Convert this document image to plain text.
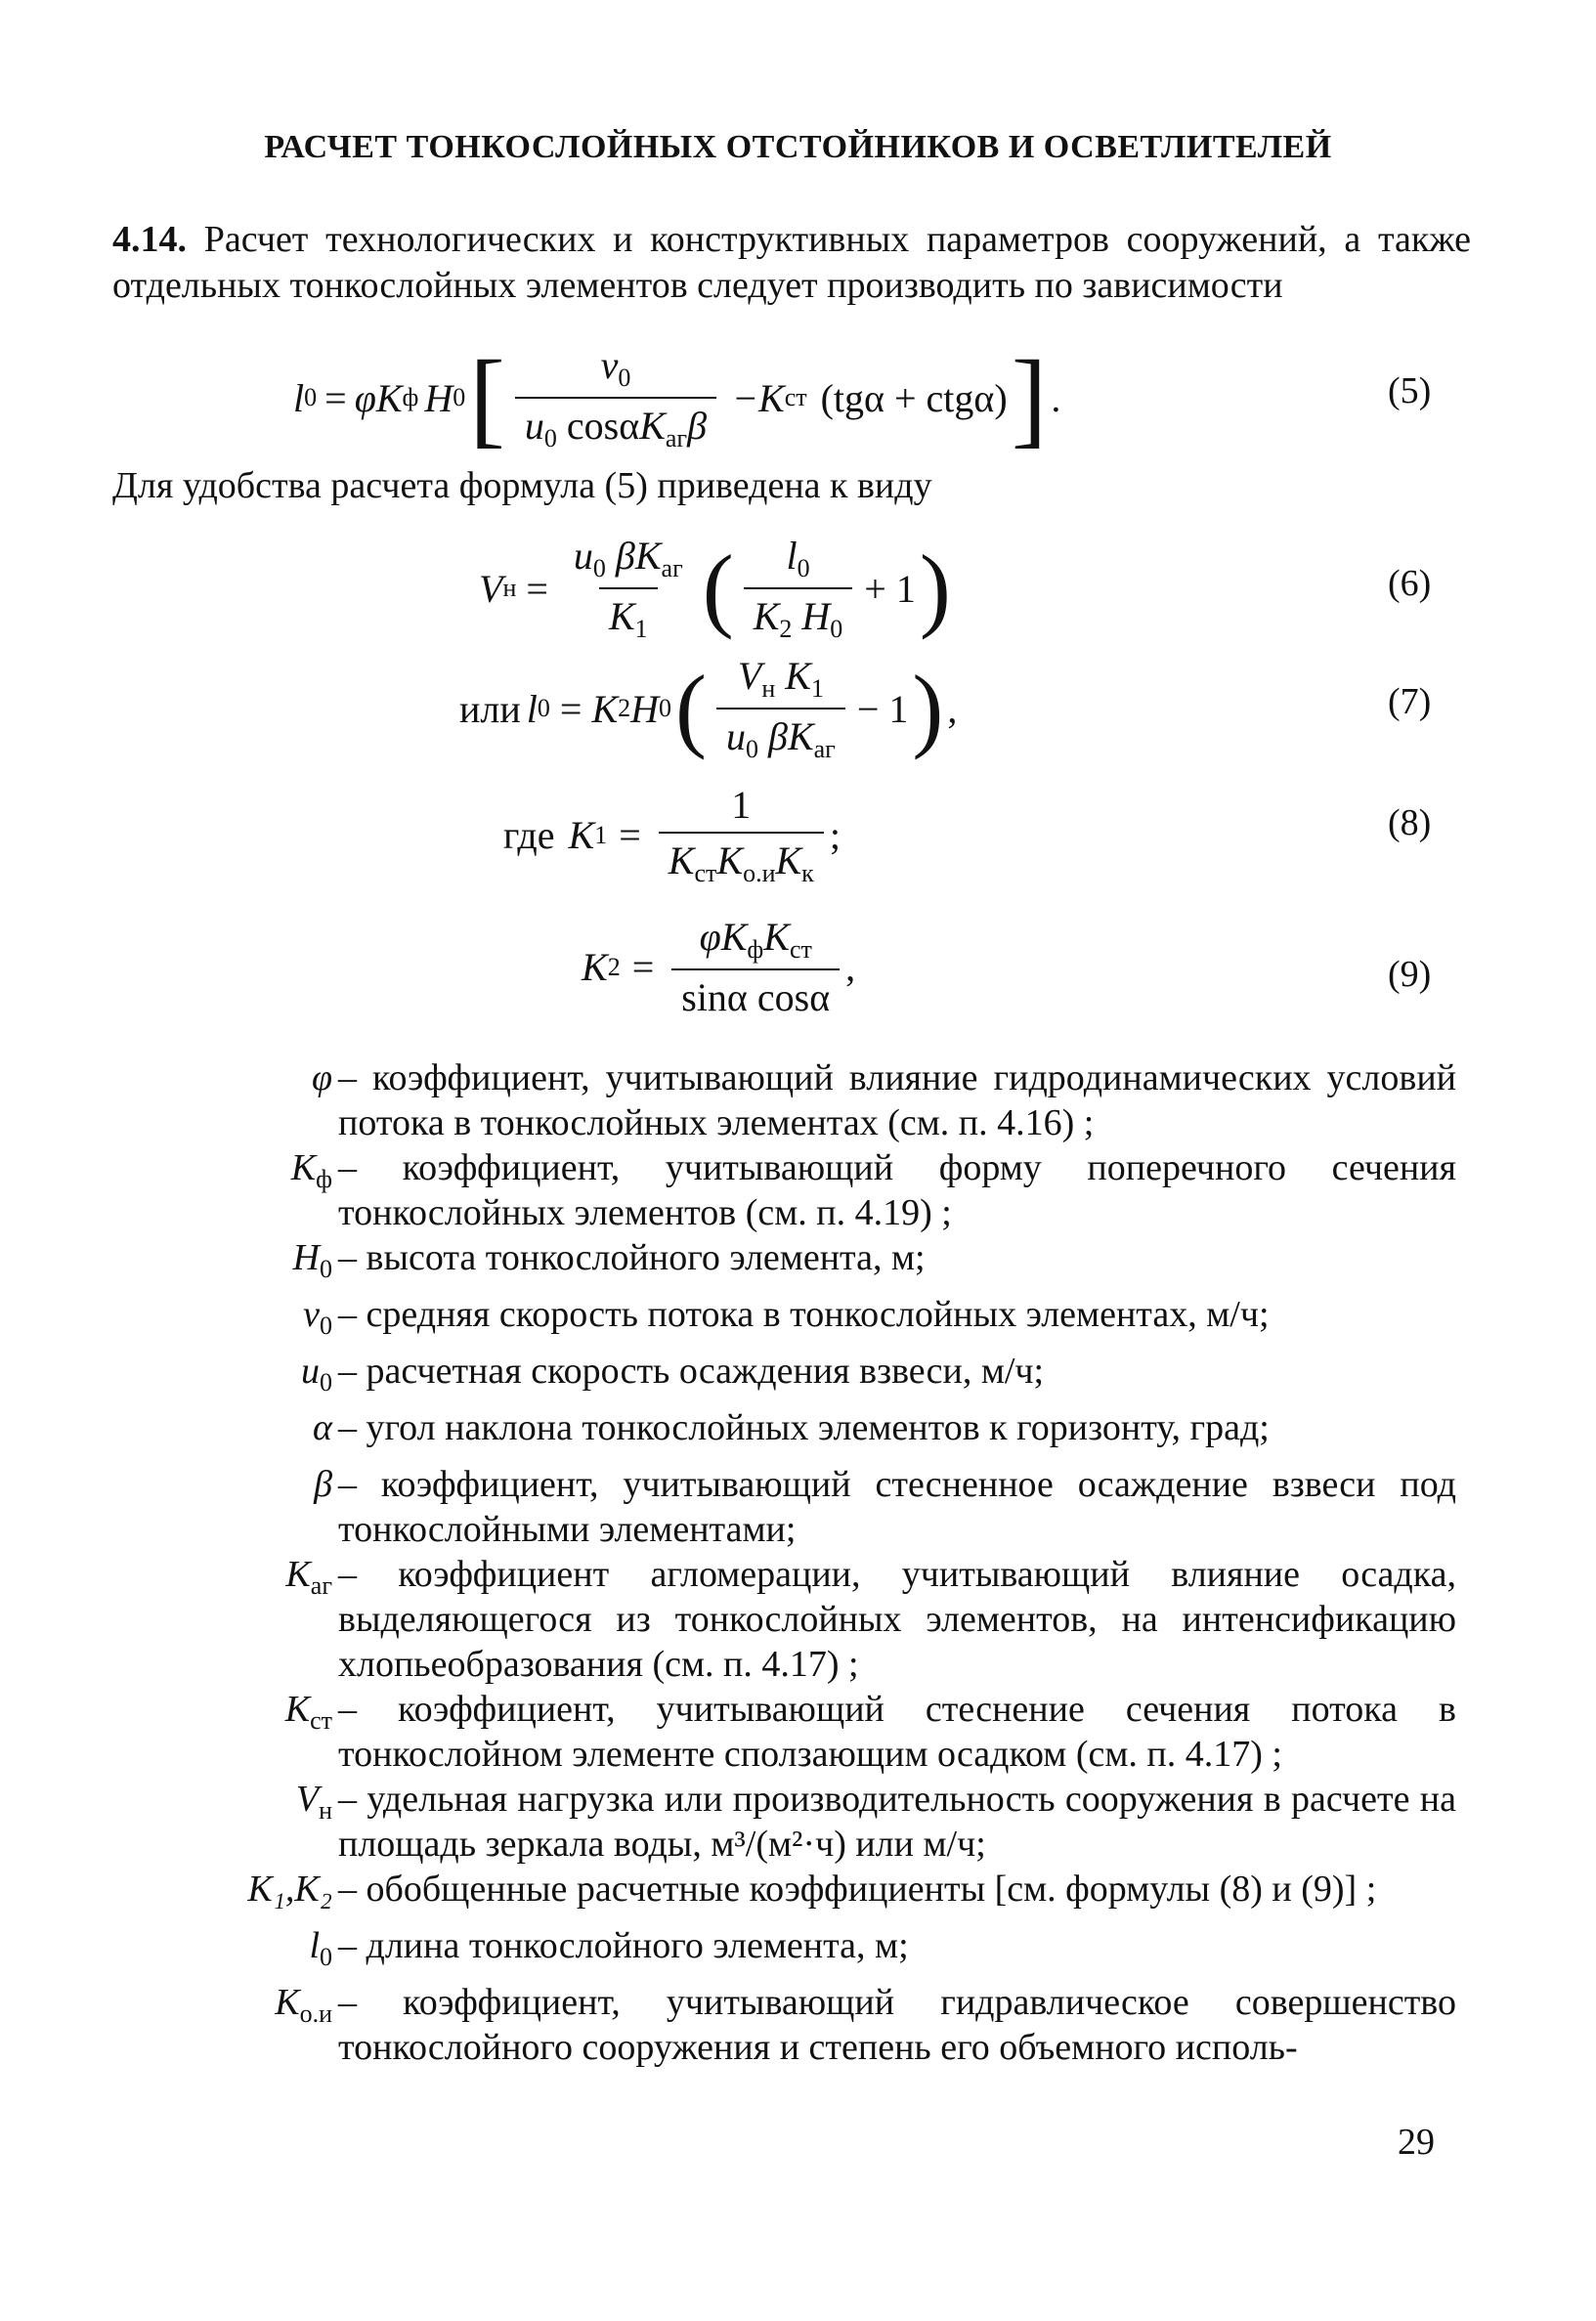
РАСЧЕТ ТОНКОСЛОЙНЫХ ОТСТОЙНИКОВ И ОСВЕТЛИТЕЛЕЙ
4.14. Расчет технологических и конструктивных параметров сооружений, а также отдельных тонкослойных элементов следует производить по зависимости
l 0 = φ K ф H 0 [ $\frac{\nu_0}{u_0 \cos\alpha K_{аг}\beta} -K$ ст (tgα + ctgα) ] .	(5)
Для удобства расчета формула (5) приведена к виду
V $н = \frac{u_0 \beta K_{аг}}{K_1}$ ( $\frac{l_0}{K_2 H_0} + 1$ )	(6)
или l 0 = K 2 H 0 ( $\frac{V_н K_1}{u_0 \beta K_{аг}} - 1$ ) ,	(7)
где K $1 = \frac{1}{K_{ст}K_{о.и}K_к}$ ;	(8)
K $2 = \frac{\varphi K_фK_{ст}}{\text{sinα cosα}}$ ,	(9)
φ – коэффициент, учитывающий влияние гидродинамических условий потока в тонкослойных элементах (см. п. 4.16) ;
$K_ф$ – коэффициент, учитывающий форму поперечного сечения тонкослойных элементов (см. п. 4.19) ;
$H_0$ – высота тонкослойного элемента, м;
$\nu_0$ – средняя скорость потока в тонкослойных элементах, м/ч;
$u_0$ – расчетная скорость осаждения взвеси, м/ч;
α – угол наклона тонкослойных элементов к горизонту, град;
β – коэффициент, учитывающий стесненное осаждение взвеси под тонкослойными элементами;
$K_{аг}$ – коэффициент агломерации, учитывающий влияние осадка, выделяющегося из тонкослойных элементов, на интенсификацию хлопьеобразования (см. п. 4.17) ;
$K_{ст}$ – коэффициент, учитывающий стеснение сечения потока в тонкослойном элементе сползающим осадком (см. п. 4.17) ;
$V_н$ – удельная нагрузка или производительность сооружения в расчете на площадь зеркала воды, м³/(м²·ч) или м/ч;
K₁,K₂ – обобщенные расчетные коэффициенты [см. формулы (8) и (9)] ;
$l_0$ – длина тонкослойного элемента, м;
$K_{о.и}$ – коэффициент, учитывающий гидравлическое совершенство тонкослойного сооружения и степень его объемного исполь-
29
